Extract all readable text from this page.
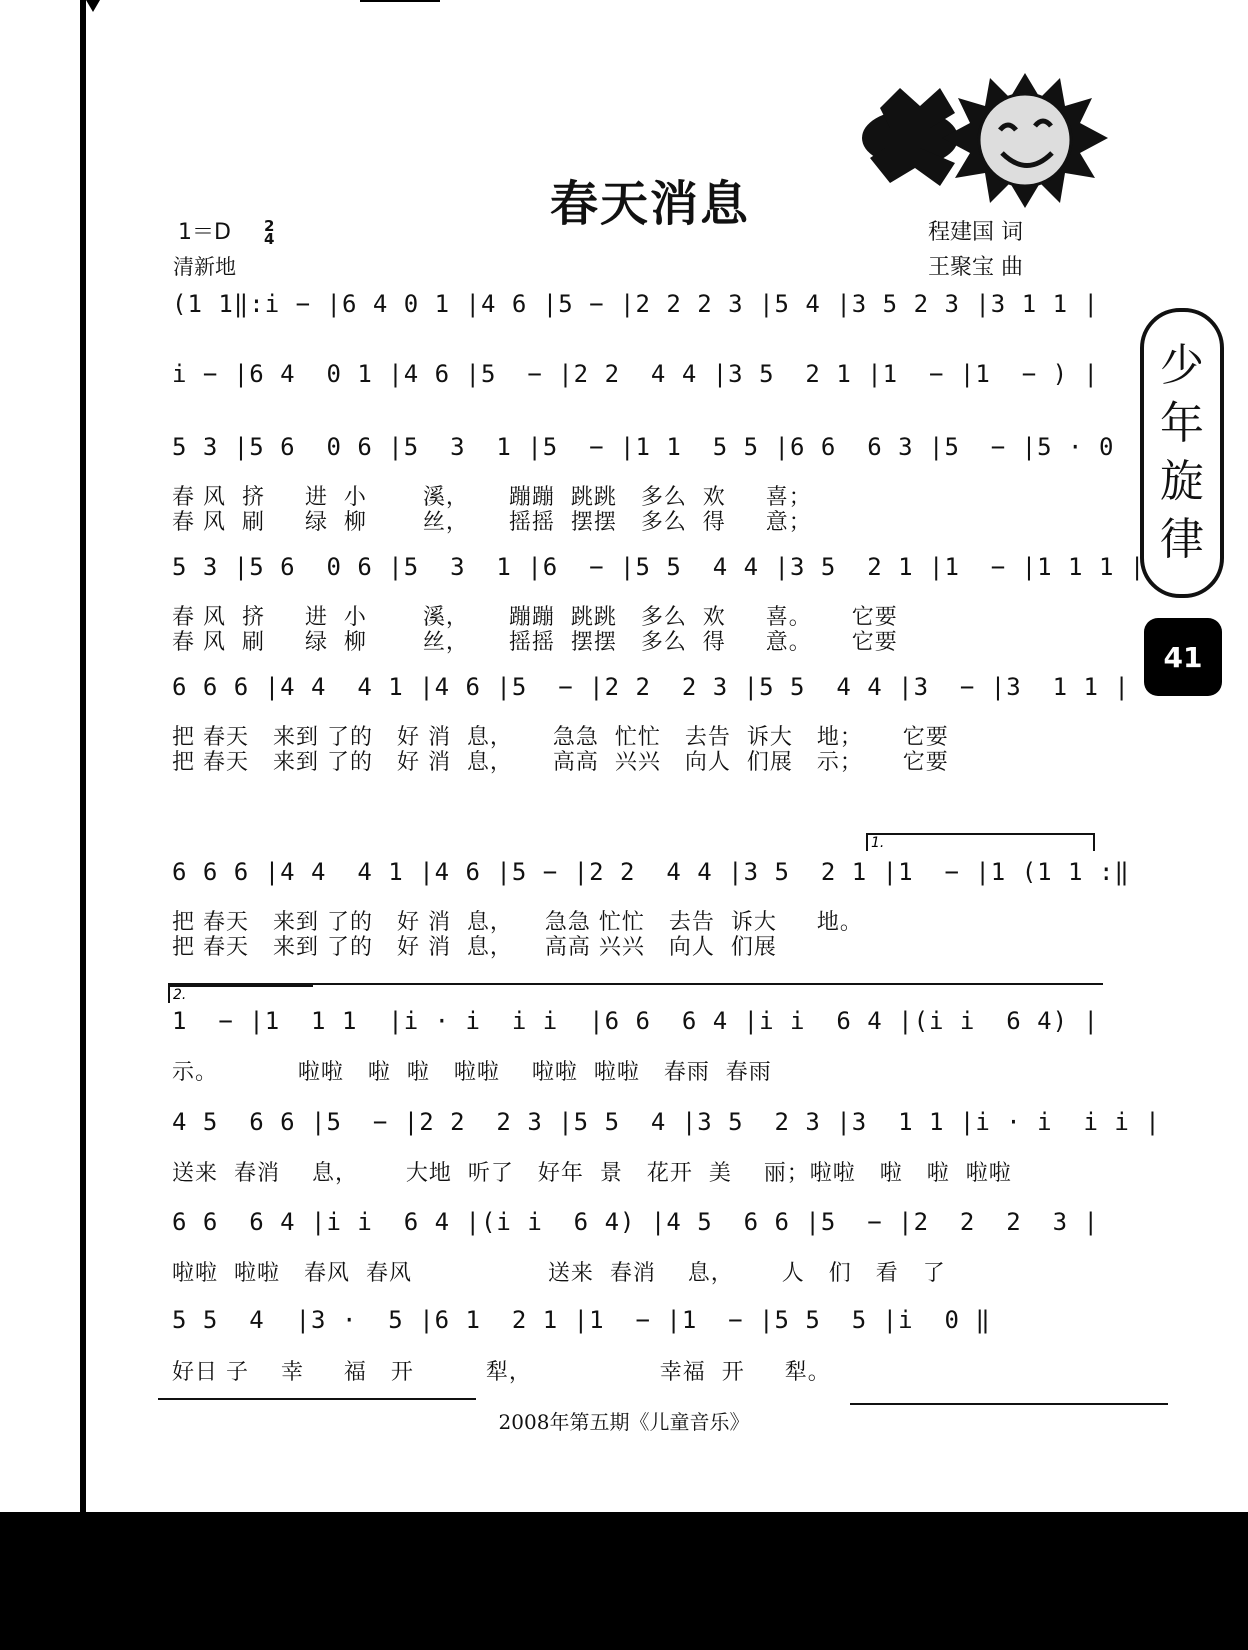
春天消息
1＝D 2
4
清新地
程建国 词
王聚宝 曲
少
年
旋
律
41
(1 1‖:i − |6 4 0 1 |4 6 |5 − |2 2 2 3 |5 4 |3 5 2 3 |3 1 1 |
i − |6 4  0 1 |4 6 |5  − |2 2  4 4 |3 5  2 1 |1  − |1  − ) |
5 3 |5 6  0 6 |5  3  1 |5  − |1 1  5 5 |6 6  6 3 |5  − |5 · 0
春 风  挤     进  小       溪，     蹦蹦  跳跳   多么  欢     喜；
春 风  刷     绿  柳       丝，     摇摇  摆摆   多么  得     意；
5 3 |5 6  0 6 |5  3  1 |6  − |5 5  4 4 |3 5  2 1 |1  − |1 1 1 |
春 风  挤     进  小       溪，     蹦蹦  跳跳   多么  欢     喜。     它要
春 风  刷     绿  柳       丝，     摇摇  摆摆   多么  得     意。     它要
6 6 6 |4 4  4 1 |4 6 |5  − |2 2  2 3 |5 5  4 4 |3  − |3  1 1 |
把 春天   来到 了的   好 消  息，     急急  忙忙   去告  诉大   地；     它要
把 春天   来到 了的   好 消  息，     高高  兴兴   向人  们展   示；     它要
1.
6 6 6 |4 4  4 1 |4 6 |5 − |2 2  4 4 |3 5  2 1 |1  − |1 (1 1 :‖
把 春天   来到 了的   好 消  息，    急急 忙忙   去告  诉大     地。
把 春天   来到 了的   好 消  息，    高高 兴兴   向人  们展
2.
1  − |1  1 1  |i · i  i i  |6 6  6 4 |i i  6 4 |(i i  6 4) |
示。          啦啦   啦  啦   啦啦    啦啦  啦啦   春雨  春雨
4 5  6 6 |5  − |2 2  2 3 |5 5  4 |3 5  2 3 |3  1 1 |i · i  i i |
送来  春消    息，      大地  听了   好年  景   花开  美    丽；啦啦   啦   啦  啦啦
6 6  6 4 |i i  6 4 |(i i  6 4) |4 5  6 6 |5  − |2  2  2  3 |
啦啦  啦啦   春风  春风                 送来  春消    息，      人   们   看   了
5 5  4  |3 ·  5 |6 1  2 1 |1  − |1  − |5 5  5 |i  0 ‖
好日 子    幸     福   开         犁，                幸福  开     犁。
2008年第五期《儿童音乐》
